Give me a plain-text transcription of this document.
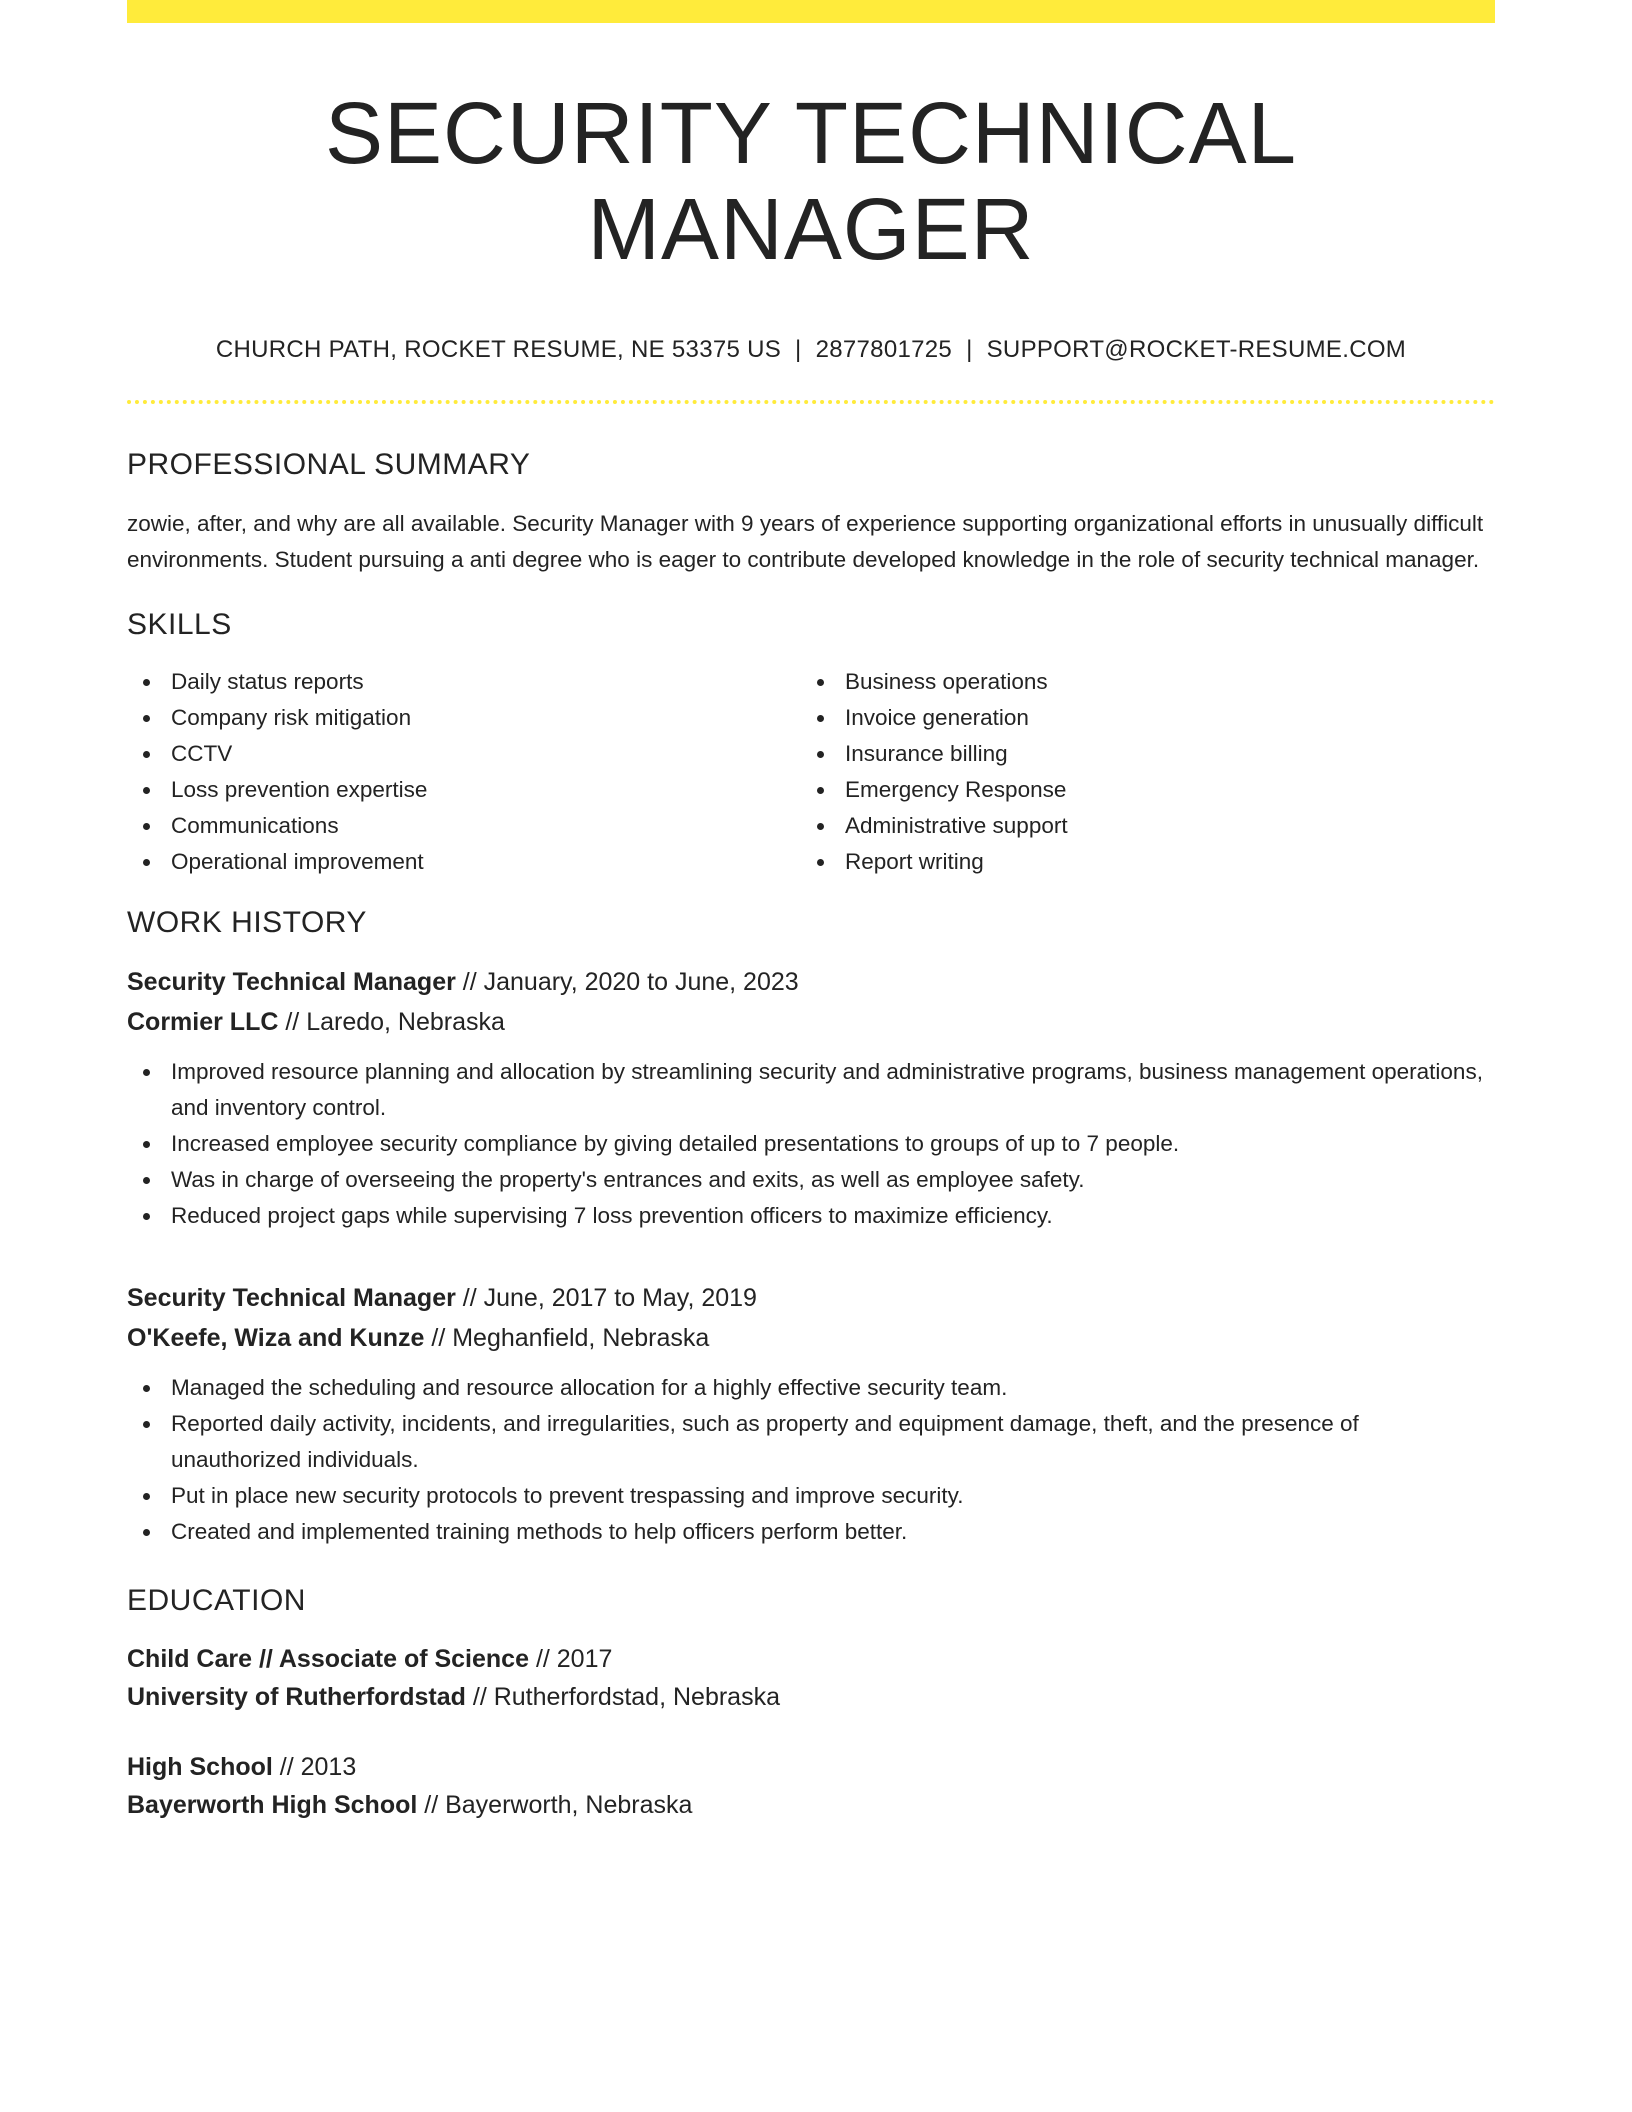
SECURITY TECHNICAL MANAGER
CHURCH PATH, ROCKET RESUME, NE 53375 US | 2877801725 | SUPPORT@ROCKET-RESUME.COM
PROFESSIONAL SUMMARY

zowie, after, and why are all available. Security Manager with 9 years of experience supporting organizational efforts in unusually difficult environments. Student pursuing a anti degree who is eager to contribute developed knowledge in the role of security technical manager.

SKILLS
Daily status reports
Company risk mitigation
CCTV
Loss prevention expertise
Communications
Operational improvement
Business operations
Invoice generation
Insurance billing
Emergency Response
Administrative support
Report writing
WORK HISTORY
Security Technical Manager // January, 2020 to June, 2023
Cormier LLC // Laredo, Nebraska
Improved resource planning and allocation by streamlining security and administrative programs, business management operations, and inventory control.
Increased employee security compliance by giving detailed presentations to groups of up to 7 people.
Was in charge of overseeing the property's entrances and exits, as well as employee safety.
Reduced project gaps while supervising 7 loss prevention officers to maximize efficiency.
Security Technical Manager // June, 2017 to May, 2019
O'Keefe, Wiza and Kunze // Meghanfield, Nebraska
Managed the scheduling and resource allocation for a highly effective security team.
Reported daily activity, incidents, and irregularities, such as property and equipment damage, theft, and the presence of unauthorized individuals.
Put in place new security protocols to prevent trespassing and improve security.
Created and implemented training methods to help officers perform better.
EDUCATION
Child Care // Associate of Science // 2017
University of Rutherfordstad // Rutherfordstad, Nebraska
High School // 2013
Bayerworth High School // Bayerworth, Nebraska
